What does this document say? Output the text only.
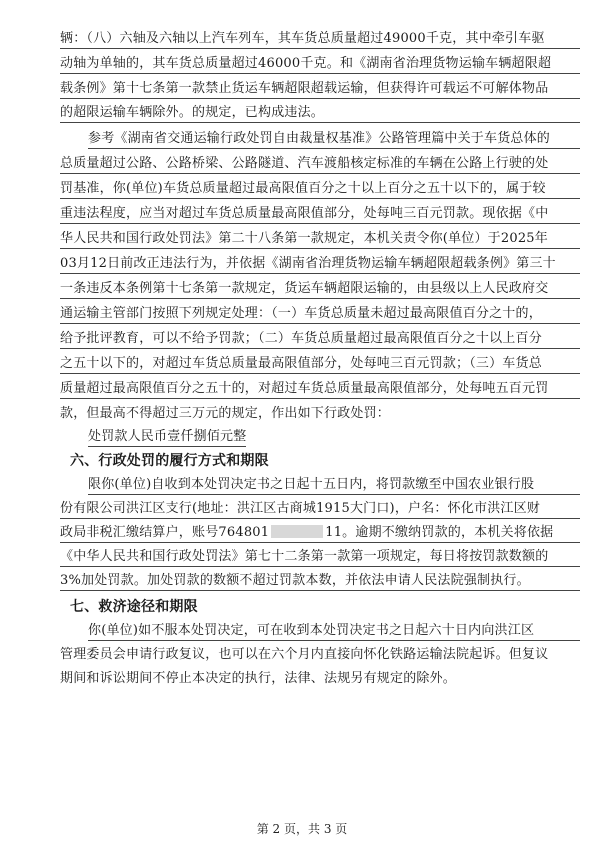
辆：（八）六轴及六轴以上汽车列车，其车货总质量超过49000千克，其中牵引车驱
动轴为单轴的，其车货总质量超过46000千克。和《湖南省治理货物运输车辆超限超
载条例》第十七条第一款禁止货运车辆超限超载运输，但获得许可载运不可解体物品
的超限运输车辆除外。的规定，已构成违法。
参考《湖南省交通运输行政处罚自由裁量权基准》公路管理篇中关于车货总体的
总质量超过公路、公路桥梁、公路隧道、汽车渡船核定标准的车辆在公路上行驶的处
罚基准，你(单位)车货总质量超过最高限值百分之十以上百分之五十以下的，属于较
重违法程度，应当对超过车货总质量最高限值部分，处每吨三百元罚款。现依据《中
华人民共和国行政处罚法》第二十八条第一款规定，本机关责令你(单位）于2025年
03月12日前改正违法行为，并依据《湖南省治理货物运输车辆超限超载条例》第三十
一条违反本条例第十七条第一款规定，货运车辆超限运输的，由县级以上人民政府交
通运输主管部门按照下列规定处理：（一）车货总质量未超过最高限值百分之十的，
给予批评教育，可以不给予罚款；（二）车货总质量超过最高限值百分之十以上百分
之五十以下的，对超过车货总质量最高限值部分，处每吨三百元罚款；（三）车货总
质量超过最高限值百分之五十的，对超过车货总质量最高限值部分，处每吨五百元罚
款，但最高不得超过三万元的规定，作出如下行政处罚：
处罚款人民币壹仟捌佰元整
六、行政处罚的履行方式和期限
限你(单位)自收到本处罚决定书之日起十五日内，将罚款缴至中国农业银行股
份有限公司洪江区支行(地址：洪江区古商城1915大门口)，户名：怀化市洪江区财
政局非税汇缴结算户，账号764801	11。逾期不缴纳罚款的，本机关将依据
《中华人民共和国行政处罚法》第七十二条第一款第一项规定，每日将按罚款数额的
3%加处罚款。加处罚款的数额不超过罚款本数，并依法申请人民法院强制执行。
七、救济途径和期限
你(单位)如不服本处罚决定，可在收到本处罚决定书之日起六十日内向洪江区
管理委员会申请行政复议，也可以在六个月内直接向怀化铁路运输法院起诉。但复议
期间和诉讼期间不停止本决定的执行，法律、法规另有规定的除外。
第 2 页，共 3 页
